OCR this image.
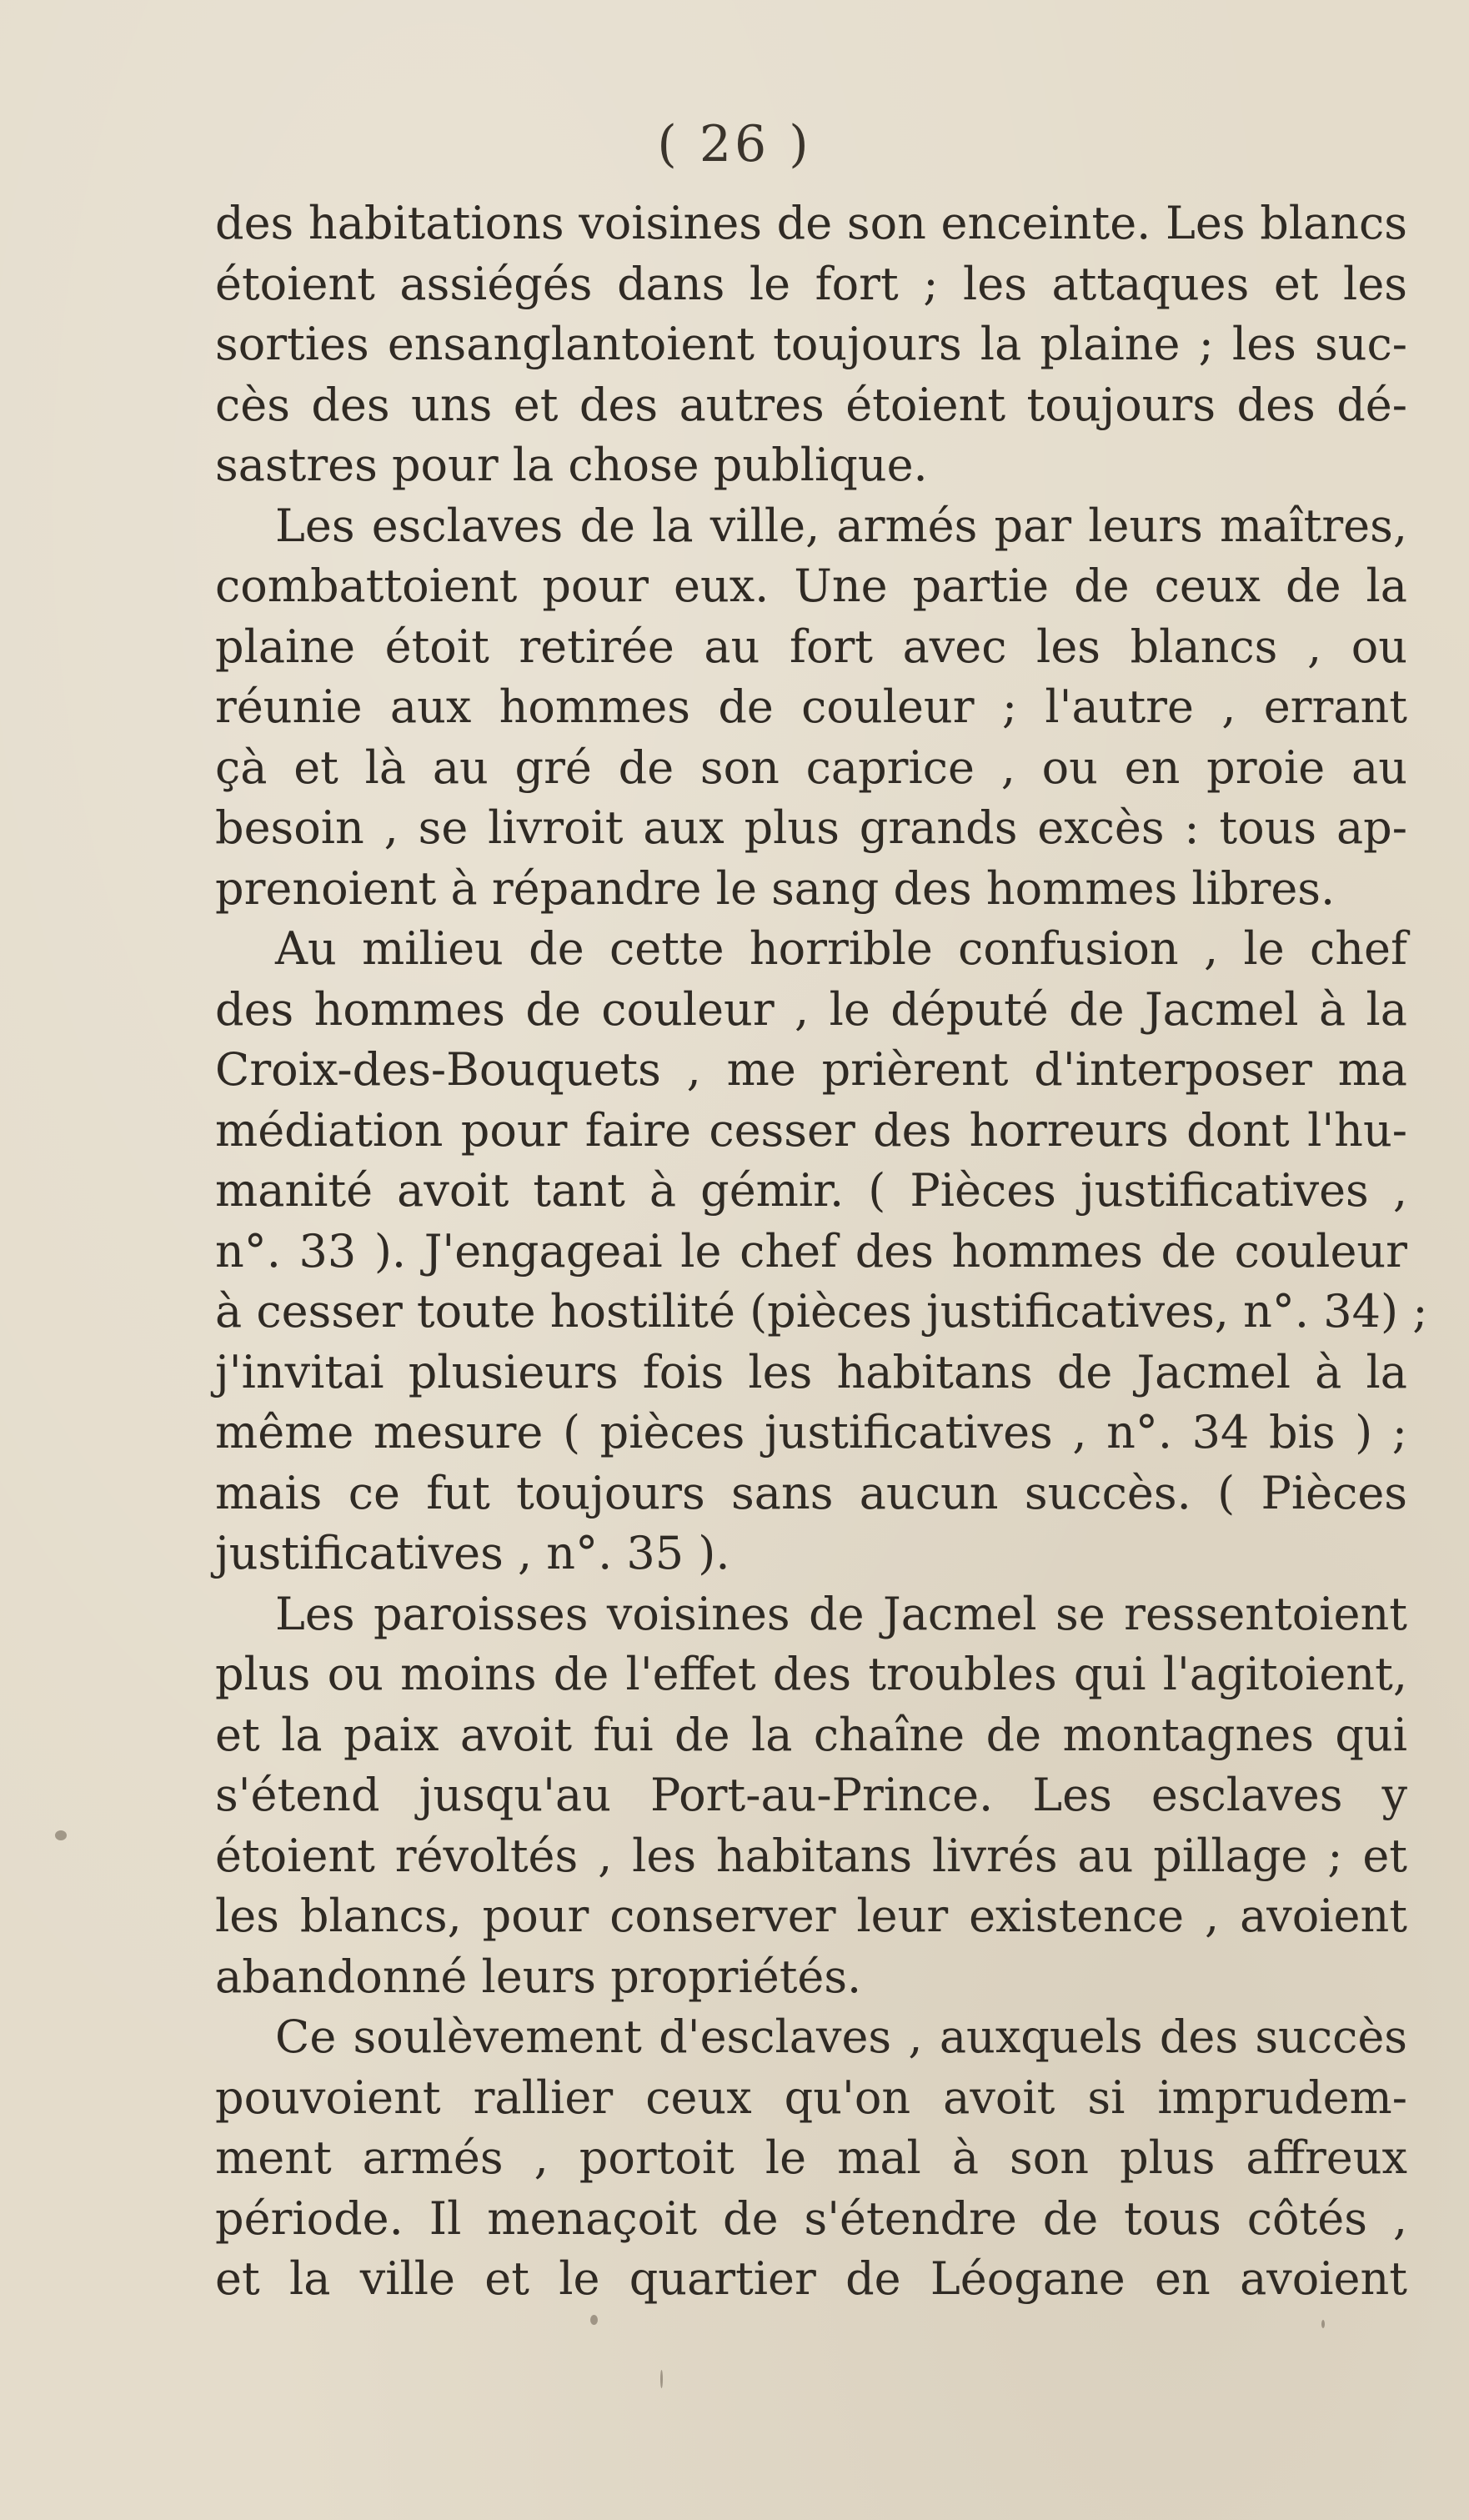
( 26 )
des habitations voisines de son enceinte. Les blancs
étoient assiégés dans le fort ; les attaques et les
sorties ensanglantoient toujours la plaine ; les suc-
cès des uns et des autres étoient toujours des dé-
sastres pour la chose publique.
Les esclaves de la ville, armés par leurs maîtres,
combattoient pour eux. Une partie de ceux de la
plaine étoit retirée au fort avec les blancs , ou
réunie aux hommes de couleur ; l'autre , errant
çà et là au gré de son caprice , ou en proie au
besoin , se livroit aux plus grands excès : tous ap-
prenoient à répandre le sang des hommes libres.
Au milieu de cette horrible confusion , le chef
des hommes de couleur , le député de Jacmel à la
Croix-des-Bouquets , me prièrent d'interposer ma
médiation pour faire cesser des horreurs dont l'hu-
manité avoit tant à gémir. ( Pièces justificatives ,
n°. 33 ). J'engageai le chef des hommes de couleur
à cesser toute hostilité (pièces justificatives, n°. 34) ;
j'invitai plusieurs fois les habitans de Jacmel à la
même mesure ( pièces justificatives , n°. 34 bis ) ;
mais ce fut toujours sans aucun succès. ( Pièces
justificatives , n°. 35 ).
Les paroisses voisines de Jacmel se ressentoient
plus ou moins de l'effet des troubles qui l'agitoient,
et la paix avoit fui de la chaîne de montagnes qui
s'étend jusqu'au Port-au-Prince. Les esclaves y
étoient révoltés , les habitans livrés au pillage ; et
les blancs, pour conserver leur existence , avoient
abandonné leurs propriétés.
Ce soulèvement d'esclaves , auxquels des succès
pouvoient rallier ceux qu'on avoit si imprudem-
ment armés , portoit le mal à son plus affreux
période. Il menaçoit de s'étendre de tous côtés ,
et la ville et le quartier de Léogane en avoient
